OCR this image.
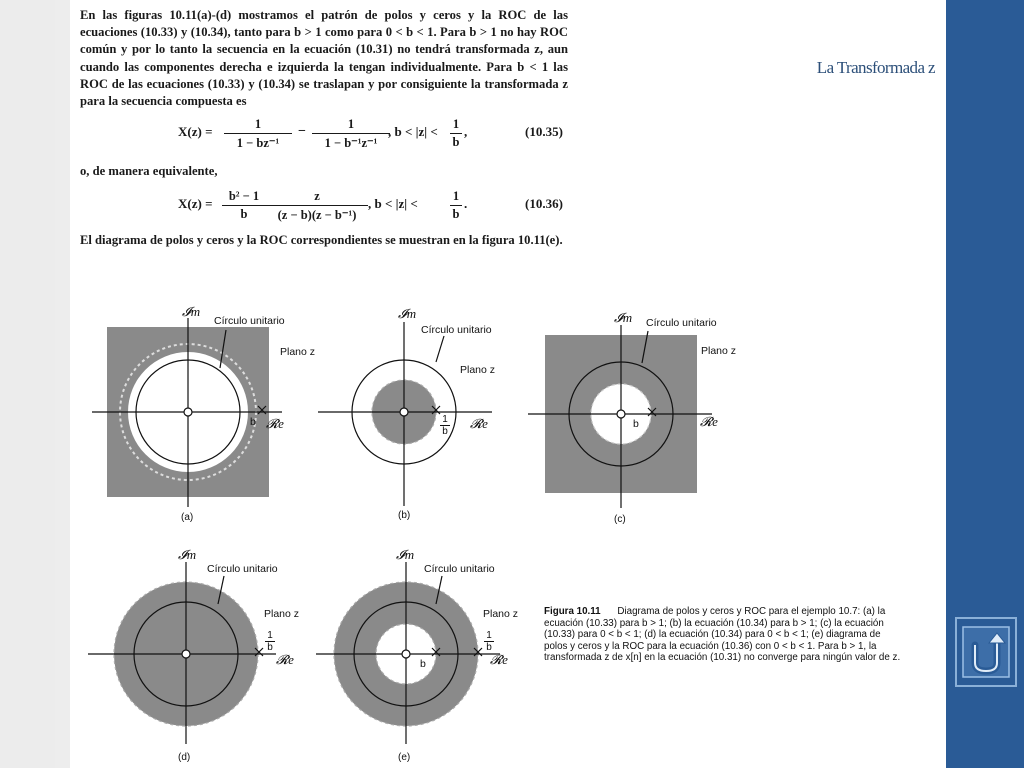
La Transformada z
En las figuras 10.11(a)-(d) mostramos el patrón de polos y ceros y la ROC de las ecuaciones (10.33) y (10.34), tanto para b > 1 como para 0 < b < 1. Para b > 1 no hay ROC común y por lo tanto la secuencia en la ecuación (10.31) no tendrá transformada z, aun cuando las componentes derecha e izquierda la tengan individualmente. Para b < 1 las ROC de las ecuaciones (10.33) y (10.34) se traslapan y por consiguiente la transformada z para la secuencia compuesta es
$X(z) = \frac{1}{\text{1 − bz⁻¹}} - \frac{1}{\text{1 − b⁻¹z⁻¹}}$
, $b < |z| < \frac{1}{b}$ ,	(10.35)
o, de manera equivalente,
$X(z) = \frac{\text{b² − 1}}{b} \frac{z}{\text{(z − b)(z − b⁻¹)}}$ , b < |z| <	$\frac{1}{b}$ .	(10.36)
El diagrama de polos y ceros y la ROC correspondientes se muestran en la figura 10.11(e).
𝓘m
Círculo unitario
Plano z
b 𝓡e
(a)
𝓘m
Círculo unitario
Plano z
$\frac{1}{b}$ 𝓡e
(b)
𝓘m Círculo unitario
Plano z
b	𝓡e
(c)
𝓘m
Círculo unitario
Plano z
$\frac{1}{b}$
𝓡e
(d)
𝓘m
Círculo unitario
Plano z
$\frac{1}{b}$
b	𝓡e
(e)
Figura 10.11 Diagrama de polos y ceros y ROC para el ejemplo 10.7: (a) la ecuación (10.33) para b > 1; (b) la ecuación (10.34) para b > 1; (c) la ecuación (10.33) para 0 < b < 1; (d) la ecuación (10.34) para 0 < b < 1; (e) diagrama de polos y ceros y la ROC para la ecuación (10.36) con 0 < b < 1. Para b > 1, la transformada z de x[n] en la ecuación (10.31) no converge para ningún valor de z.
